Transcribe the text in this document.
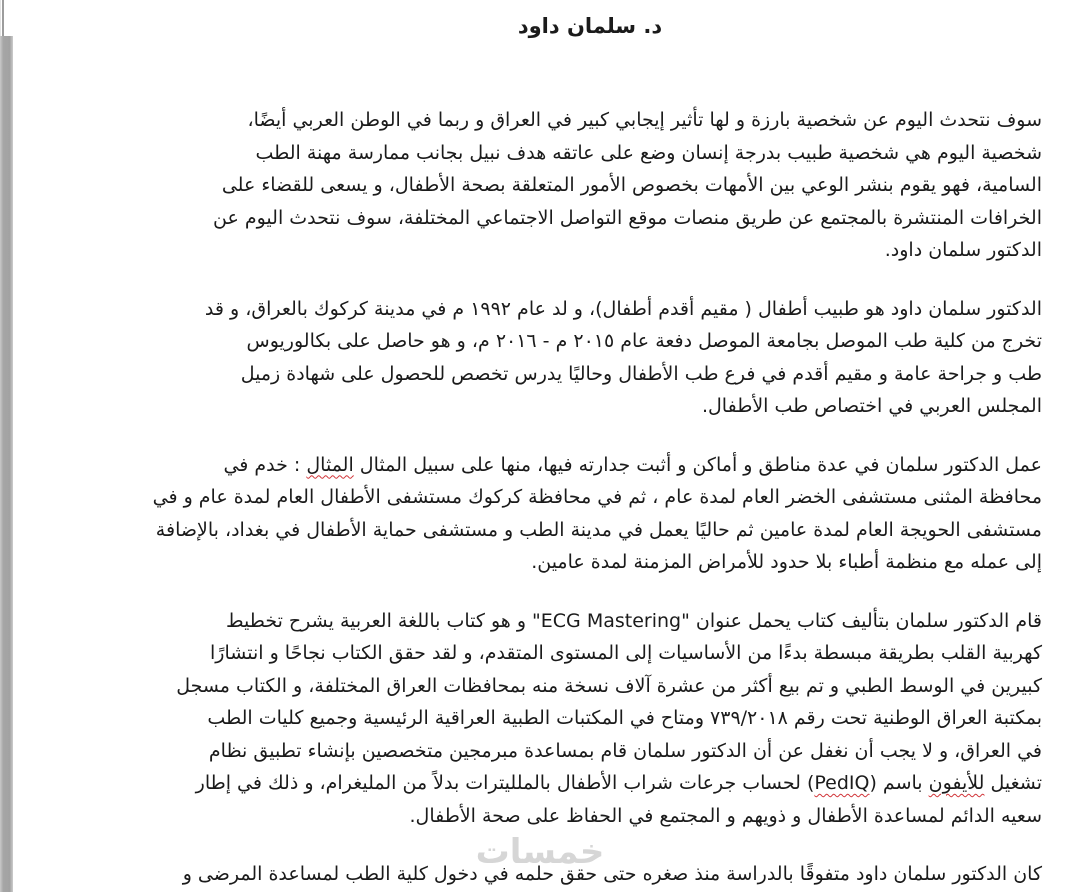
خمسات
د. سلمان داود

سوف نتحدث اليوم عن شخصية بارزة و لها تأثير إيجابي كبير في العراق و ربما في الوطن العربي أيضًا،
شخصية اليوم هي شخصية طبيب بدرجة إنسان وضع على عاتقه هدف نبيل بجانب ممارسة مهنة الطب
السامية، فهو يقوم بنشر الوعي بين الأمهات بخصوص الأمور المتعلقة بصحة الأطفال، و يسعى للقضاء على
الخرافات المنتشرة بالمجتمع عن طريق منصات موقع التواصل الاجتماعي المختلفة، سوف نتحدث اليوم عن
الدكتور سلمان داود.

الدكتور سلمان داود هو طبيب أطفال ( مقيم أقدم أطفال)، و لد عام ١٩٩٢ م في مدينة كركوك بالعراق، و قد
تخرج من كلية طب الموصل بجامعة الموصل دفعة عام ٢٠١٥ م - ٢٠١٦ م، و هو حاصل على بكالوريوس
طب و جراحة عامة و مقيم أقدم في فرع طب الأطفال وحاليًا يدرس تخصص للحصول على شهادة زميل
المجلس العربي في اختصاص طب الأطفال.

عمل الدكتور سلمان في عدة مناطق و أماكن و أثبت جدارته فيها، منها على سبيل المثال المثال : خدم في
محافظة المثنى مستشفى الخضر العام لمدة عام ، ثم في محافظة كركوك مستشفى الأطفال العام لمدة عام و في
مستشفى الحويجة العام لمدة عامين ثم حاليًا يعمل في مدينة الطب و مستشفى حماية الأطفال في بغداد، بالإضافة
إلى عمله مع منظمة أطباء بلا حدود للأمراض المزمنة لمدة عامين.

قام الدكتور سلمان بتأليف كتاب يحمل عنوان "ECG Mastering" و هو كتاب باللغة العربية يشرح تخطيط
كهربية القلب بطريقة مبسطة بدءًا من الأساسيات إلى المستوى المتقدم، و لقد حقق الكتاب نجاحًا و انتشارًا
كبيرين في الوسط الطبي و تم بيع أكثر من عشرة آلاف نسخة منه بمحافظات العراق المختلفة، و الكتاب مسجل
بمكتبة العراق الوطنية تحت رقم ٧٣٩/٢٠١٨ ومتاح في المكتبات الطبية العراقية الرئيسية وجميع كليات الطب
في العراق، و لا يجب أن نغفل عن أن الدكتور سلمان قام بمساعدة مبرمجين متخصصين بإنشاء تطبيق نظام
تشغيل للأيفون باسم (PedIQ) لحساب جرعات شراب الأطفال بالملليترات بدلاً من المليغرام، و ذلك في إطار
سعيه الدائم لمساعدة الأطفال و ذويهم و المجتمع في الحفاظ على صحة الأطفال.

كان الدكتور سلمان داود متفوقًا بالدراسة منذ صغره حتى حقق حلمه في دخول كلية الطب لمساعدة المرضى و
